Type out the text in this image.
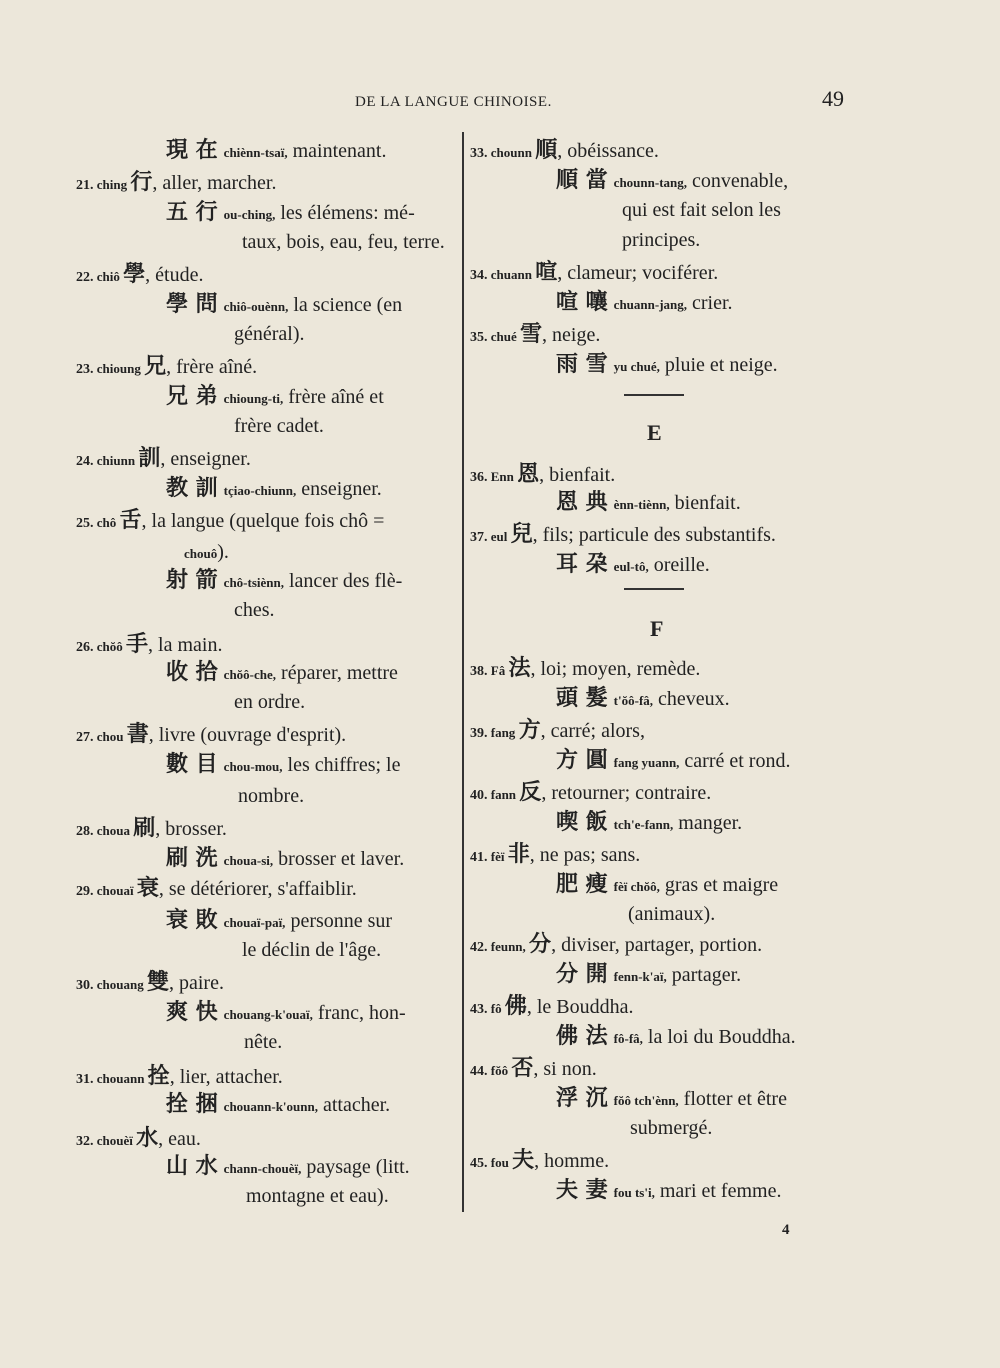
DE LA LANGUE CHINOISE.	49
現 在 chiènn-tsaï, maintenant.
21. ching 行, aller, marcher.
五 行 ou-ching, les élémens: mé-
taux, bois, eau, feu, terre.
22. chiô 學, étude.
學 問 chiô-ouènn, la science (en
général).
23. chioung 兄, frère aîné.
兄 弟 chioung-ti, frère aîné et
frère cadet.
24. chiunn 訓, enseigner.
教 訓 tçiao-chiunn, enseigner.
25. chô 舌, la langue (quelque fois chô =
chouô).
射 箭 chô-tsiènn, lancer des flè-
ches.
26. chŏô 手, la main.
收 拾 chŏô-che, réparer, mettre
en ordre.
27. chou 書, livre (ouvrage d'esprit).
數 目 chou-mou, les chiffres; le
nombre.
28. choua 刷, brosser.
刷 洗 choua-si, brosser et laver.
29. chouaï 衰, se détériorer, s'affaiblir.
衰 敗 chouaï-paï, personne sur
le déclin de l'âge.
30. chouang 雙, paire.
爽 快 chouang-k'ouaï, franc, hon-
nête.
31. chouann 拴, lier, attacher.
拴 捆 chouann-k'ounn, attacher.
32. chouèï 水, eau.
山 水 chann-chouèï, paysage (litt.
montagne et eau).
33. chounn 順, obéissance.
順 當 chounn-tang, convenable,
qui est fait selon les
principes.
34. chuann 喧, clameur; vociférer.
喧 嚷 chuann-jang, crier.
35. chué 雪, neige.
雨 雪 yu chué, pluie et neige.
36. Enn 恩, bienfait.
恩 典 ènn-tiènn, bienfait.
37. eul 兒, fils; particule des substantifs.
耳 朶 eul-tô, oreille.
38. Fâ 法, loi; moyen, remède.
頭 髮 t'ŏô-fâ, cheveux.
39. fang 方, carré; alors,
方 圓 fang yuann, carré et rond.
40. fann 反, retourner; contraire.
喫 飯 tch'e-fann, manger.
41. fèï 非, ne pas; sans.
肥 瘦 fèï chŏô, gras et maigre
(animaux).
42. feunn, 分, diviser, partager, portion.
分 開 fenn-k'aï, partager.
43. fô 佛, le Bouddha.
佛 法 fô-fâ, la loi du Bouddha.
44. fŏô 否, si non.
浮 沉 fŏô tch'ènn, flotter et être
submergé.
45. fou 夫, homme.
夫 妻 fou ts'i, mari et femme.
E
F
4
